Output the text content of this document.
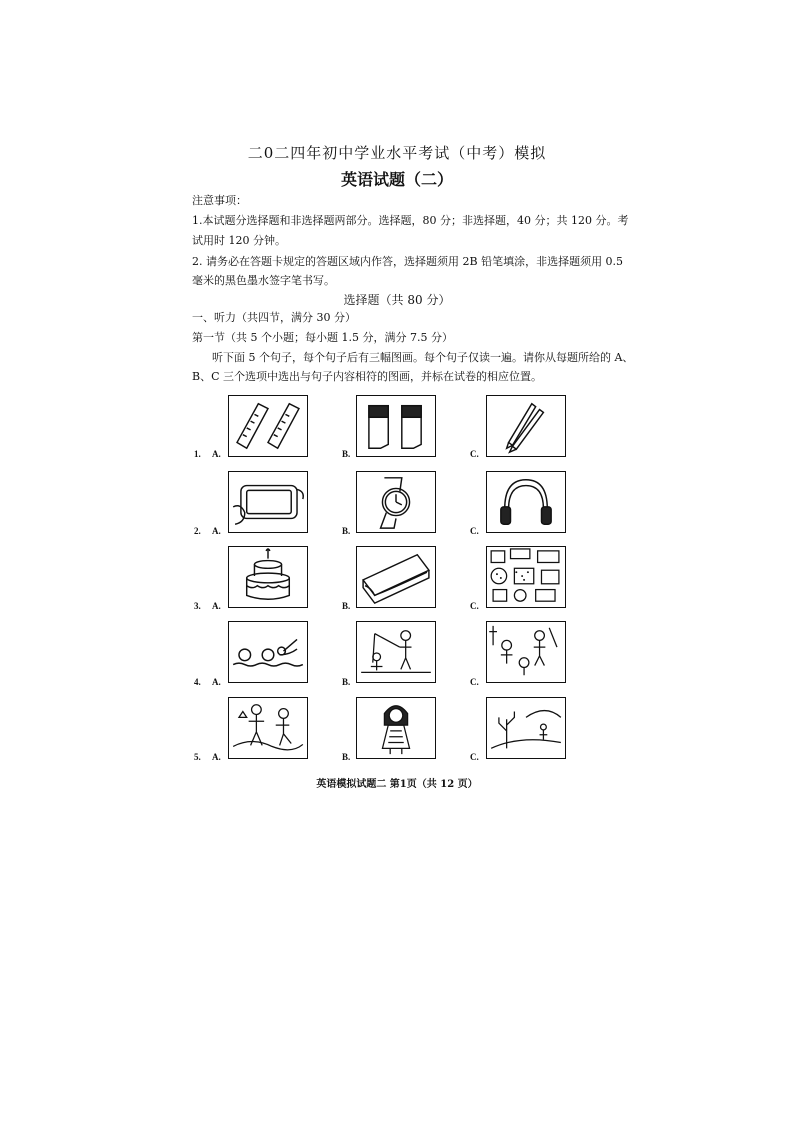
二0二四年初中学业水平考试（中考）模拟
英语试题（二）
注意事项：
1.本试题分选择题和非选择题两部分。选择题，80 分；非选择题，40 分；共 120 分。考
试用时 120 分钟。
2. 请务必在答题卡规定的答题区域内作答，选择题须用 2B 铅笔填涂，非选择题须用 0.5
毫米的黑色墨水签字笔书写。
选择题（共 80 分）
一、听力（共四节，满分 30 分）
第一节（共 5 个小题；每小题 1.5 分，满分 7.5 分）
听下面 5 个句子，每个句子后有三幅图画。每个句子仅读一遍。请你从每题所给的 A、
B、C 三个选项中选出与句子内容相符的图画，并标在试卷的相应位置。
1. A.	B.	C.
2. A.	B.	C.
3. A.	B.	C.
4. A.	B.	C.
5. A.	B.	C.
英语模拟试题二 第1页（共 12 页）
